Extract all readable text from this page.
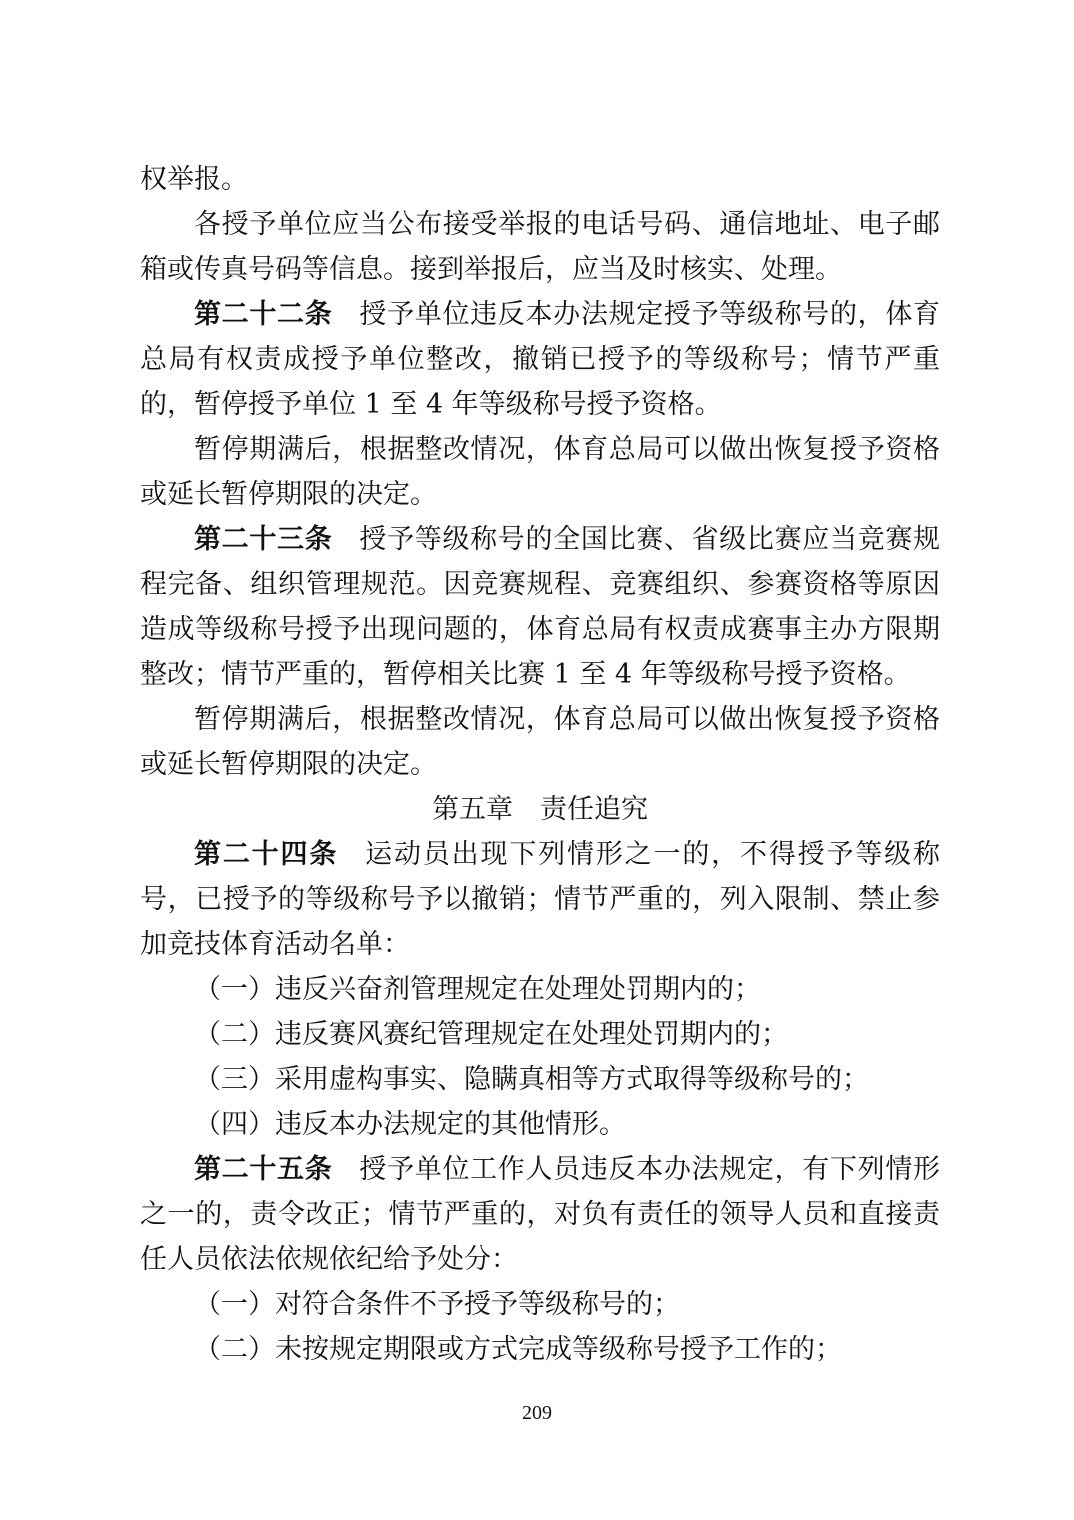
权举报。

各授予单位应当公布接受举报的电话号码、通信地址、电子邮箱或传真号码等信息。接到举报后，应当及时核实、处理。

第二十二条 授予单位违反本办法规定授予等级称号的，体育总局有权责成授予单位整改，撤销已授予的等级称号；情节严重的，暂停授予单位 1 至 4 年等级称号授予资格。

暂停期满后，根据整改情况，体育总局可以做出恢复授予资格或延长暂停期限的决定。

第二十三条 授予等级称号的全国比赛、省级比赛应当竞赛规程完备、组织管理规范。因竞赛规程、竞赛组织、参赛资格等原因造成等级称号授予出现问题的，体育总局有权责成赛事主办方限期整改；情节严重的，暂停相关比赛 1 至 4 年等级称号授予资格。

暂停期满后，根据整改情况，体育总局可以做出恢复授予资格或延长暂停期限的决定。

第五章　责任追究

第二十四条 运动员出现下列情形之一的，不得授予等级称号，已授予的等级称号予以撤销；情节严重的，列入限制、禁止参加竞技体育活动名单：

（一）违反兴奋剂管理规定在处理处罚期内的；

（二）违反赛风赛纪管理规定在处理处罚期内的；

（三）采用虚构事实、隐瞒真相等方式取得等级称号的；

（四）违反本办法规定的其他情形。

第二十五条 授予单位工作人员违反本办法规定，有下列情形之一的，责令改正；情节严重的，对负有责任的领导人员和直接责任人员依法依规依纪给予处分：

（一）对符合条件不予授予等级称号的；

（二）未按规定期限或方式完成等级称号授予工作的；

209
